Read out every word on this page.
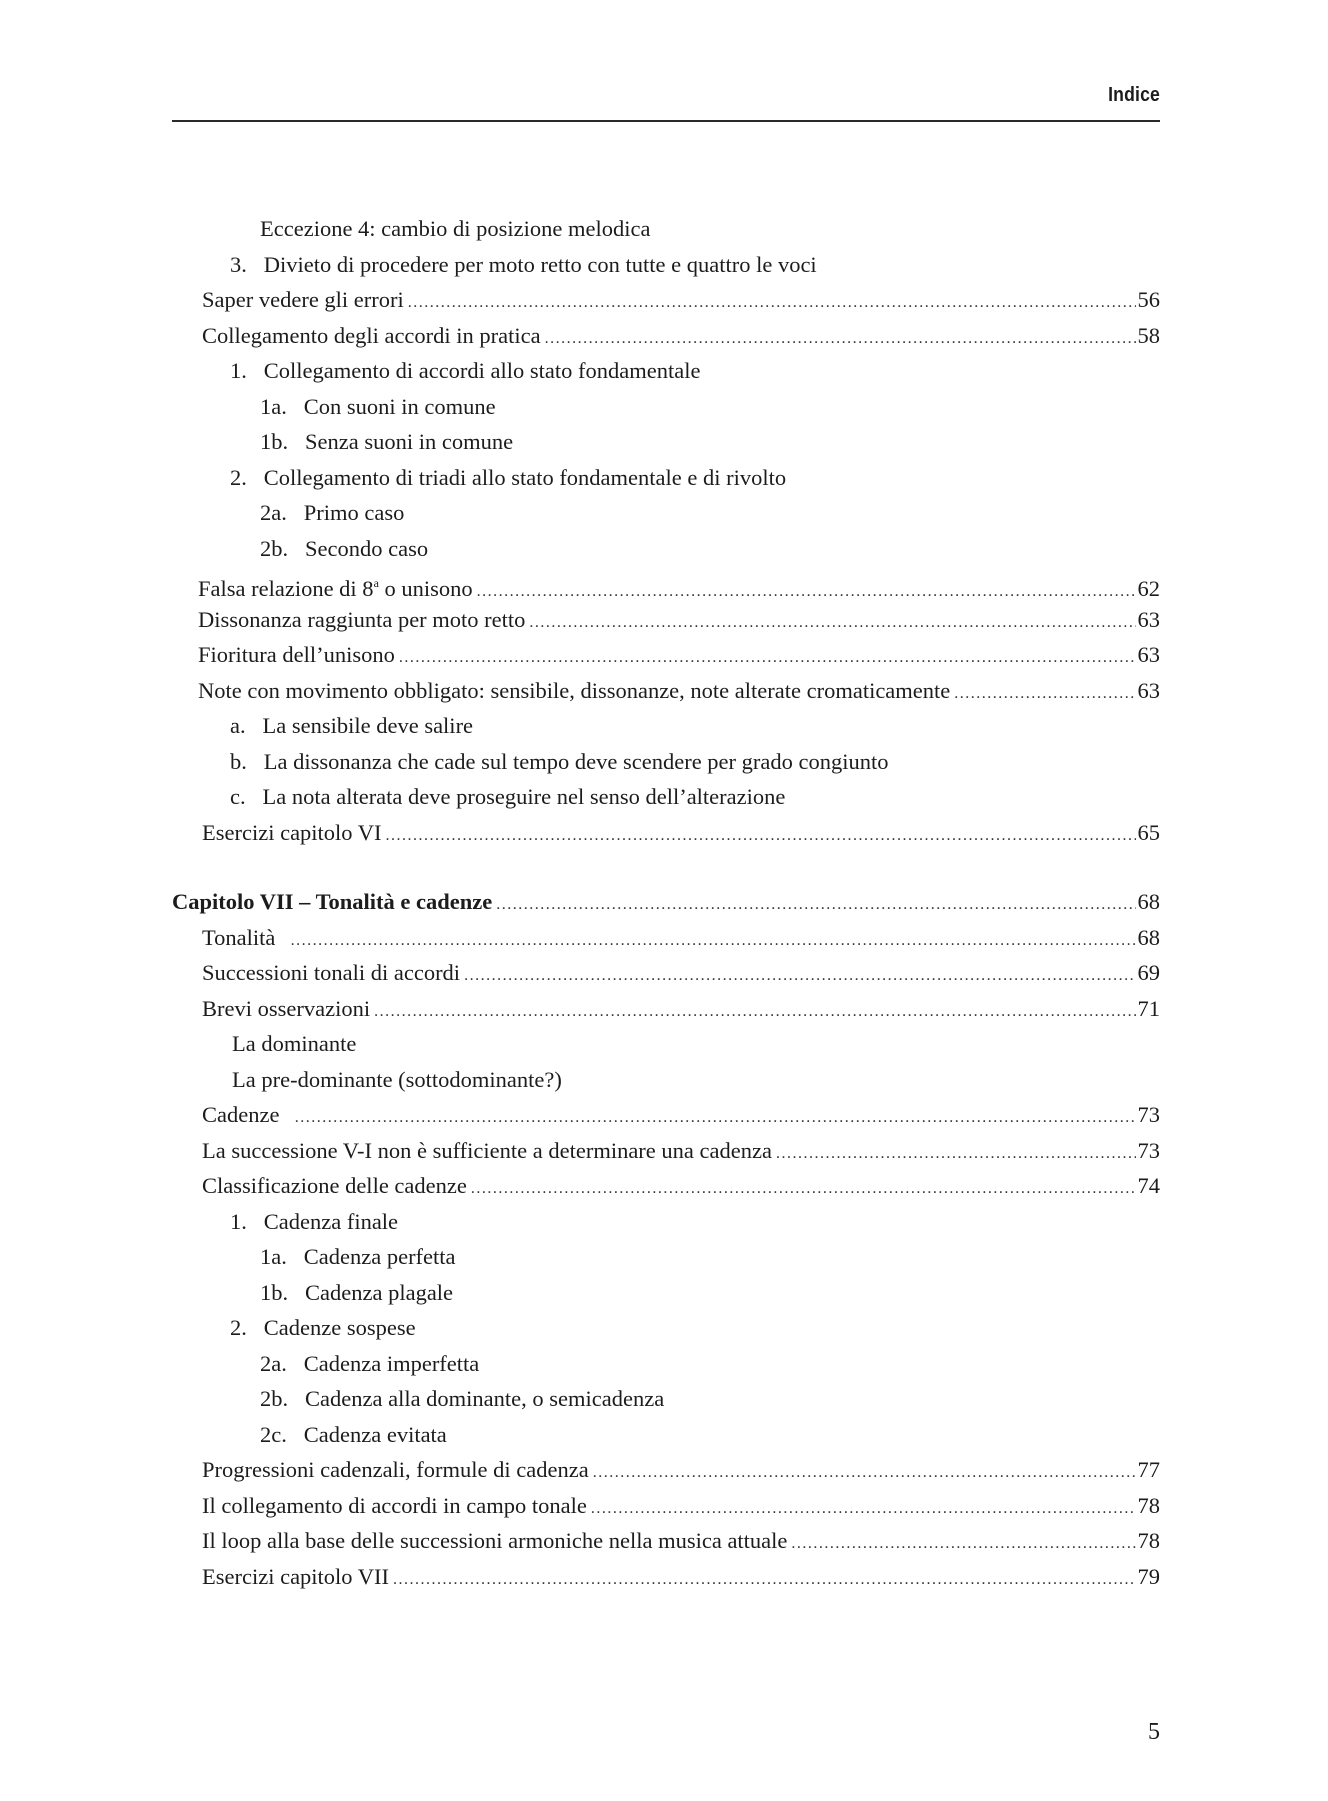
Indice
Eccezione 4: cambio di posizione melodica
3.   Divieto di procedere per moto retto con tutte e quattro le voci
Saper vedere gli errori .....	56
Collegamento degli accordi in pratica .....	58
1.   Collegamento di accordi allo stato fondamentale
1a.   Con suoni in comune
1b.   Senza suoni in comune
2.   Collegamento di triadi allo stato fondamentale e di rivolto
2a.   Primo caso
2b.   Secondo caso
Falsa relazione di 8$^a$ o unisono .....	62
Dissonanza raggiunta per moto retto .....	63
Fioritura dell’unisono .....	63
Note con movimento obbligato: sensibile, dissonanze, note alterate cromaticamente .....	63
a.   La sensibile deve salire
b.   La dissonanza che cade sul tempo deve scendere per grado congiunto
c.   La nota alterata deve proseguire nel senso dell’alterazione
Esercizi capitolo VI .....	65
Capitolo VII – Tonalità e cadenze .....	68
Tonalità .....	68
Successioni tonali di accordi .....	69
Brevi osservazioni .....	71
La dominante
La pre-dominante (sottodominante?)
Cadenze .....	73
La successione V-I non è sufficiente a determinare una cadenza .....	73
Classificazione delle cadenze .....	74
1.   Cadenza finale
1a.   Cadenza perfetta
1b.   Cadenza plagale
2.   Cadenze sospese
2a.   Cadenza imperfetta
2b.   Cadenza alla dominante, o semicadenza
2c.   Cadenza evitata
Progressioni cadenzali, formule di cadenza .....	77
Il collegamento di accordi in campo tonale .....	78
Il loop alla base delle successioni armoniche nella musica attuale .....	78
Esercizi capitolo VII .....	79
5
